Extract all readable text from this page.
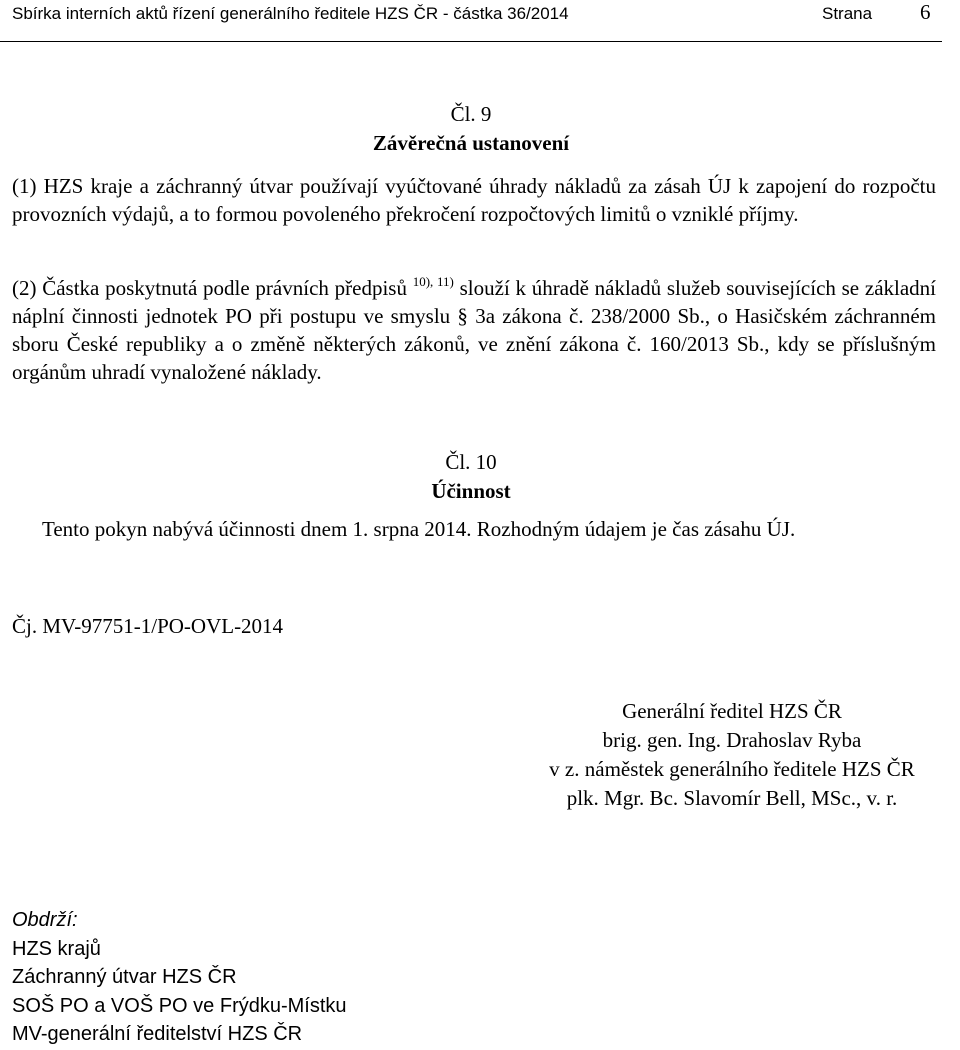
Sbírka interních aktů řízení generálního ředitele HZS ČR - částka 36/2014	Strana 6
Čl. 9
Závěrečná ustanovení

(1) HZS kraje a záchranný útvar používají vyúčtované úhrady nákladů za zásah ÚJ k zapojení do rozpočtu provozních výdajů, a to formou povoleného překročení rozpočtových limitů o vzniklé příjmy.

(2) Částka poskytnutá podle právních předpisů $^{10), 11)}$ slouží k úhradě nákladů služeb souvisejících se základní náplní činnosti jednotek PO při postupu ve smyslu § 3a zákona č. 238/2000 Sb., o Hasičském záchranném sboru České republiky a o změně některých zákonů, ve znění zákona č. 160/2013 Sb., kdy se příslušným orgánům uhradí vynaložené náklady.

Čl. 10
Účinnost
Tento pokyn nabývá účinnosti dnem 1. srpna 2014. Rozhodným údajem je čas zásahu ÚJ.
Čj. MV-97751-1/PO-OVL-2014
Generální ředitel HZS ČR
brig. gen. Ing. Drahoslav Ryba
v z. náměstek generálního ředitele HZS ČR
plk. Mgr. Bc. Slavomír Bell, MSc., v. r.
Obdrží:
HZS krajů
Záchranný útvar HZS ČR
SOŠ PO a VOŠ PO ve Frýdku-Místku
MV-generální ředitelství HZS ČR
